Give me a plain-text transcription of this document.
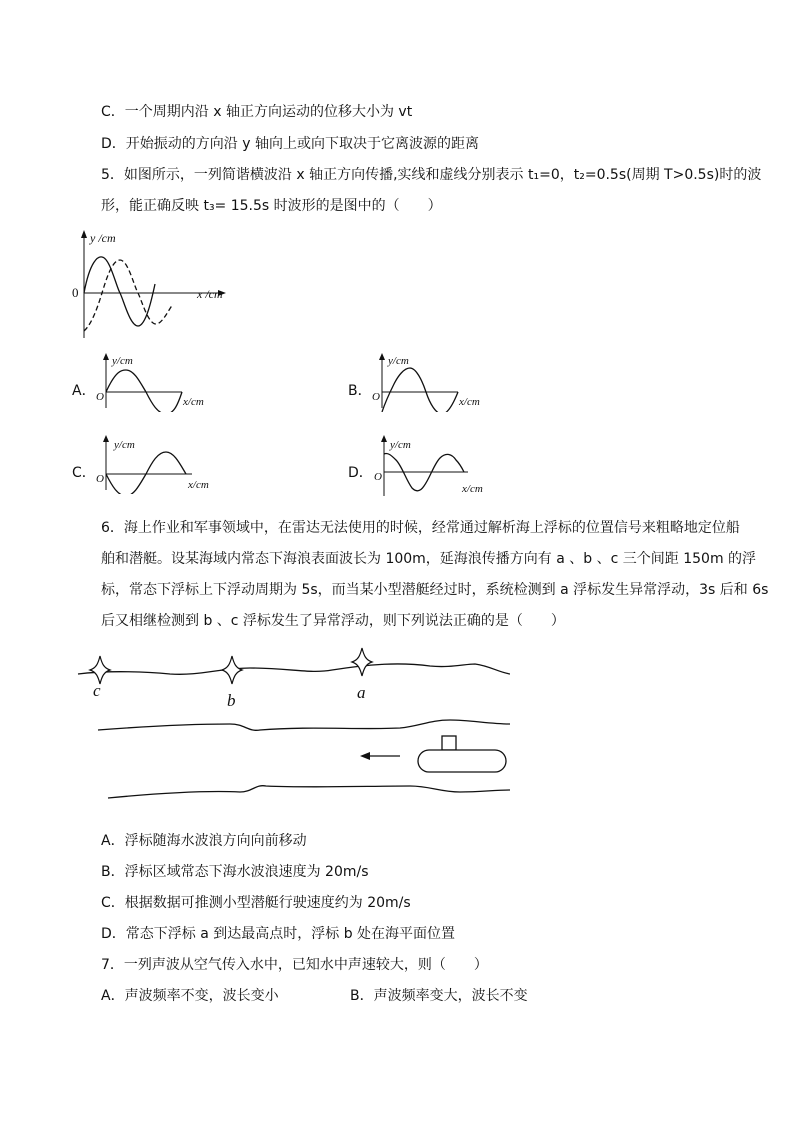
C．一个周期内沿 x 轴正方向运动的位移大小为 vt
D．开始振动的方向沿 y 轴向上或向下取决于它离波源的距离
5．如图所示，一列简谐横波沿 x 轴正方向传播,实线和虚线分别表示 t₁=0，t₂=0.5s(周期 T>0.5s)时的波
形，能正确反映 t₃= 15.5s 时波形的是图中的（　　）
y /cm
x /cm
0
A．
y/cm
x/cm
O	B．
y/cm
x/cm
O
C．
y/cm
x/cm
O	D．
y/cm
x/cm
O
6．海上作业和军事领域中，在雷达无法使用的时候，经常通过解析海上浮标的位置信号来粗略地定位船
舶和潜艇。设某海域内常态下海浪表面波长为 100m，延海浪传播方向有 a 、b 、c 三个间距 150m 的浮
标，常态下浮标上下浮动周期为 5s，而当某小型潜艇经过时，系统检测到 a 浮标发生异常浮动，3s 后和 6s
后又相继检测到 b 、c 浮标发生了异常浮动，则下列说法正确的是（　　）
c
b	a
A．浮标随海水波浪方向向前移动
B．浮标区域常态下海水波浪速度为 20m/s
C．根据数据可推测小型潜艇行驶速度约为 20m/s
D．常态下浮标 a 到达最高点时，浮标 b 处在海平面位置
7．一列声波从空气传入水中，已知水中声速较大，则（　　）
A．声波频率不变，波长变小	B．声波频率变大，波长不变
